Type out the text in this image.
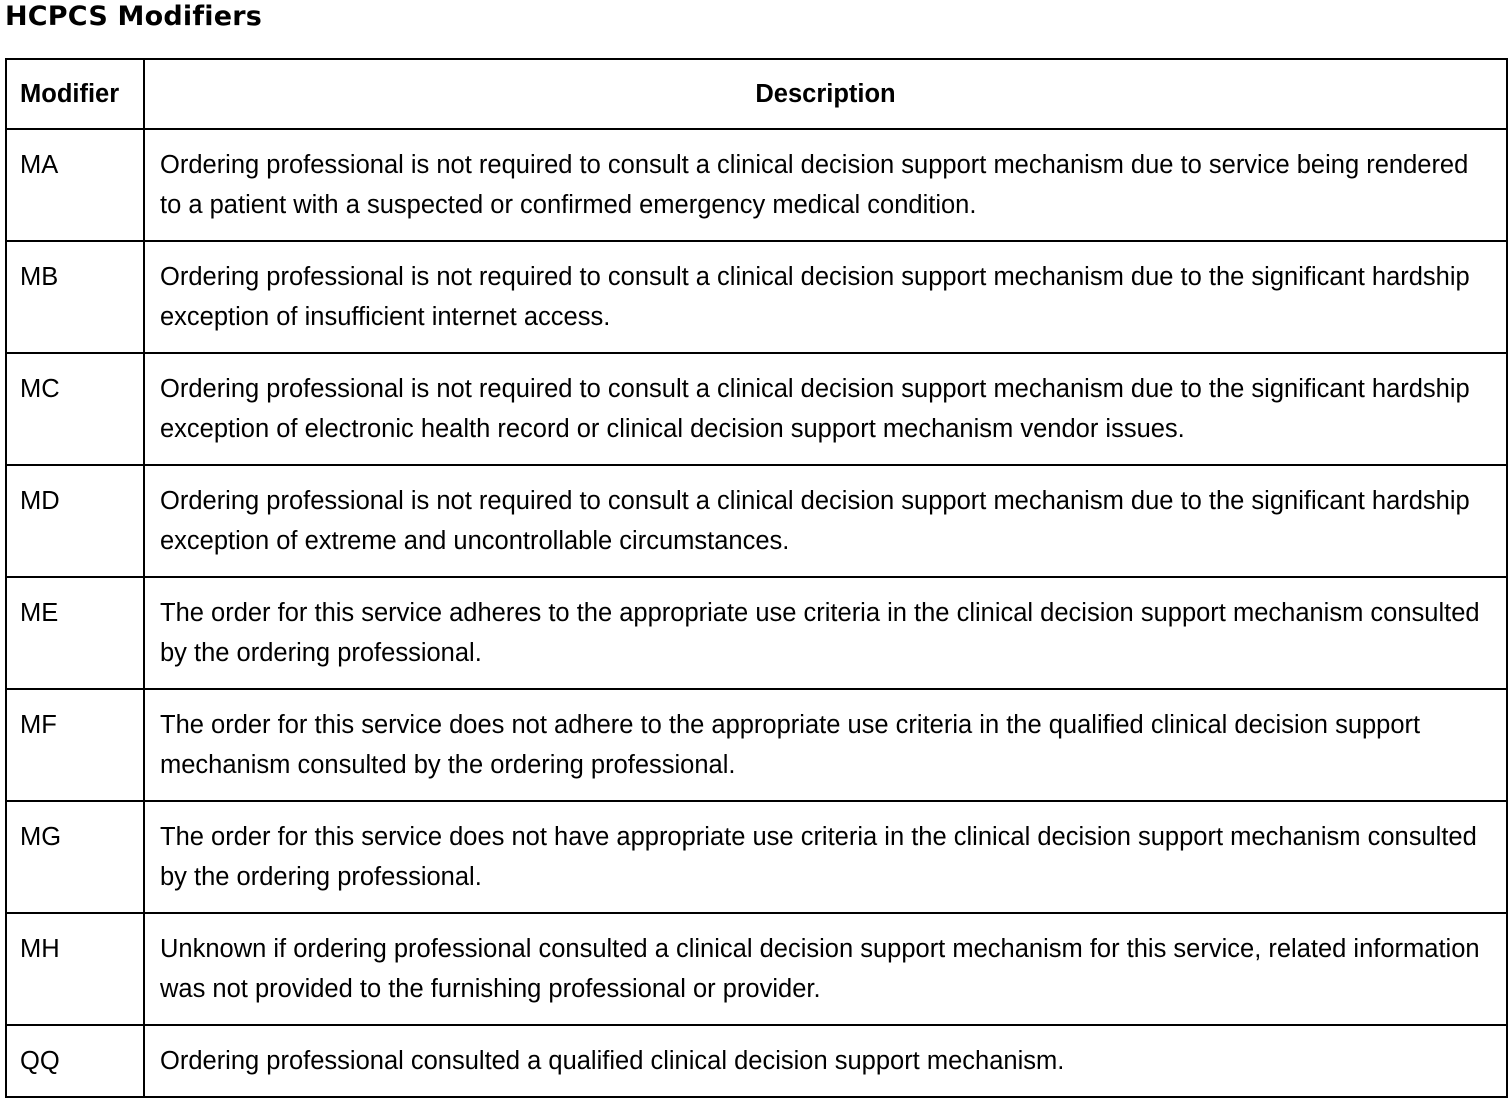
HCPCS Modifiers
Modifier	Description
MA	Ordering professional is not required to consult a clinical decision support mechanism due to service being rendered to a patient with a suspected or confirmed emergency medical condition.
MB	Ordering professional is not required to consult a clinical decision support mechanism due to the significant hardship exception of insufficient internet access.
MC	Ordering professional is not required to consult a clinical decision support mechanism due to the significant hardship exception of electronic health record or clinical decision support mechanism vendor issues.
MD	Ordering professional is not required to consult a clinical decision support mechanism due to the significant hardship exception of extreme and uncontrollable circumstances.
ME	The order for this service adheres to the appropriate use criteria in the clinical decision support mechanism consulted by the ordering professional.
MF	The order for this service does not adhere to the appropriate use criteria in the qualified clinical decision support mechanism consulted by the ordering professional.
MG	The order for this service does not have appropriate use criteria in the clinical decision support mechanism consulted by the ordering professional.
MH	Unknown if ordering professional consulted a clinical decision support mechanism for this service, related information was not provided to the furnishing professional or provider.
QQ	Ordering professional consulted a qualified clinical decision support mechanism.
